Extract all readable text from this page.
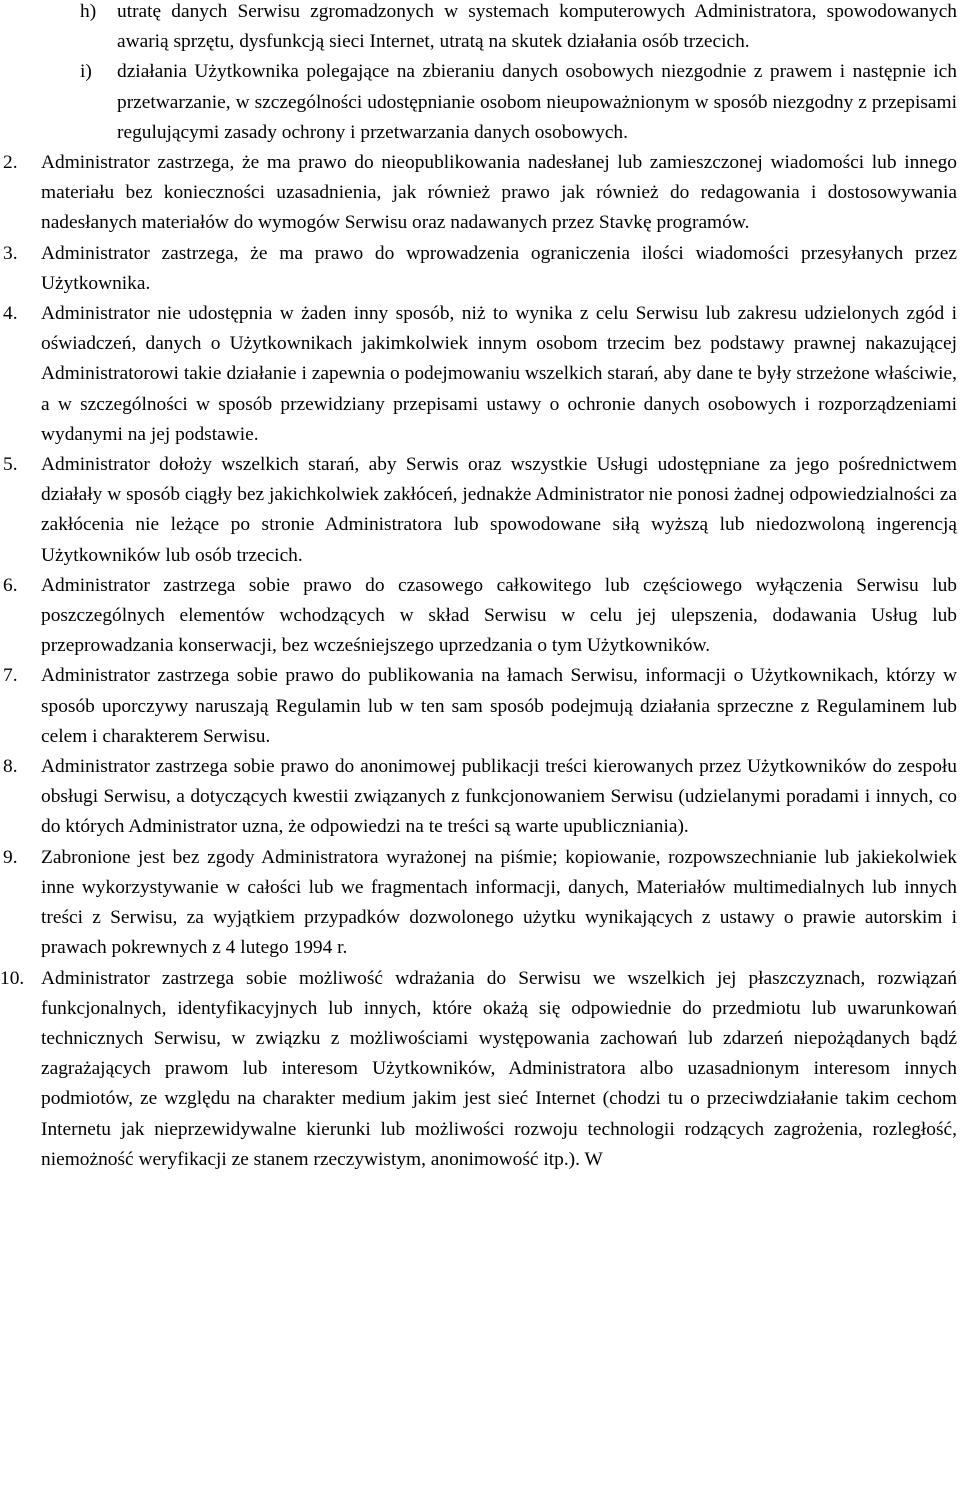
h) utratę danych Serwisu zgromadzonych w systemach komputerowych Administratora, spowodowanych awarią sprzętu, dysfunkcją sieci Internet, utratą na skutek działania osób trzecich.

i) działania Użytkownika polegające na zbieraniu danych osobowych niezgodnie z prawem i następnie ich przetwarzanie, w szczególności udostępnianie osobom nieupoważnionym w sposób niezgodny z przepisami regulującymi zasady ochrony i przetwarzania danych osobowych.

2. Administrator zastrzega, że ma prawo do nieopublikowania nadesłanej lub zamieszczonej wiadomości lub innego materiału bez konieczności uzasadnienia, jak również prawo jak również do redagowania i dostosowywania nadesłanych materiałów do wymogów Serwisu oraz nadawanych przez Stavkę programów.

3. Administrator zastrzega, że ma prawo do wprowadzenia ograniczenia ilości wiadomości przesyłanych przez Użytkownika.

4. Administrator nie udostępnia w żaden inny sposób, niż to wynika z celu Serwisu lub zakresu udzielonych zgód i oświadczeń, danych o Użytkownikach jakimkolwiek innym osobom trzecim bez podstawy prawnej nakazującej Administratorowi takie działanie i zapewnia o podejmowaniu wszelkich starań, aby dane te były strzeżone właściwie, a w szczególności w sposób przewidziany przepisami ustawy o ochronie danych osobowych i rozporządzeniami wydanymi na jej podstawie.

5. Administrator dołoży wszelkich starań, aby Serwis oraz wszystkie Usługi udostępniane za jego pośrednictwem działały w sposób ciągły bez jakichkolwiek zakłóceń, jednakże Administrator nie ponosi żadnej odpowiedzialności za zakłócenia nie leżące po stronie Administratora lub spowodowane siłą wyższą lub niedozwoloną ingerencją Użytkowników lub osób trzecich.

6. Administrator zastrzega sobie prawo do czasowego całkowitego lub częściowego wyłączenia Serwisu lub poszczególnych elementów wchodzących w skład Serwisu w celu jej ulepszenia, dodawania Usług lub przeprowadzania konserwacji, bez wcześniejszego uprzedzania o tym Użytkowników.

7. Administrator zastrzega sobie prawo do publikowania na łamach Serwisu, informacji o Użytkownikach, którzy w sposób uporczywy naruszają Regulamin lub w ten sam sposób podejmują działania sprzeczne z Regulaminem lub celem i charakterem Serwisu.

8. Administrator zastrzega sobie prawo do anonimowej publikacji treści kierowanych przez Użytkowników do zespołu obsługi Serwisu, a dotyczących kwestii związanych z funkcjonowaniem Serwisu (udzielanymi poradami i innych, co do których Administrator uzna, że odpowiedzi na te treści są warte upubliczniania).

9. Zabronione jest bez zgody Administratora wyrażonej na piśmie; kopiowanie, rozpowszechnianie lub jakiekolwiek inne wykorzystywanie w całości lub we fragmentach informacji, danych, Materiałów multimedialnych lub innych treści z Serwisu, za wyjątkiem przypadków dozwolonego użytku wynikających z ustawy o prawie autorskim i prawach pokrewnych z 4 lutego 1994 r.

10. Administrator zastrzega sobie możliwość wdrażania do Serwisu we wszelkich jej płaszczyznach, rozwiązań funkcjonalnych, identyfikacyjnych lub innych, które okażą się odpowiednie do przedmiotu lub uwarunkowań technicznych Serwisu, w związku z możliwościami występowania zachowań lub zdarzeń niepożądanych bądź zagrażających prawom lub interesom Użytkowników, Administratora albo uzasadnionym interesom innych podmiotów, ze względu na charakter medium jakim jest sieć Internet (chodzi tu o przeciwdziałanie takim cechom Internetu jak nieprzewidywalne kierunki lub możliwości rozwoju technologii rodzących zagrożenia, rozległość, niemożność weryfikacji ze stanem rzeczywistym, anonimowość itp.). W
